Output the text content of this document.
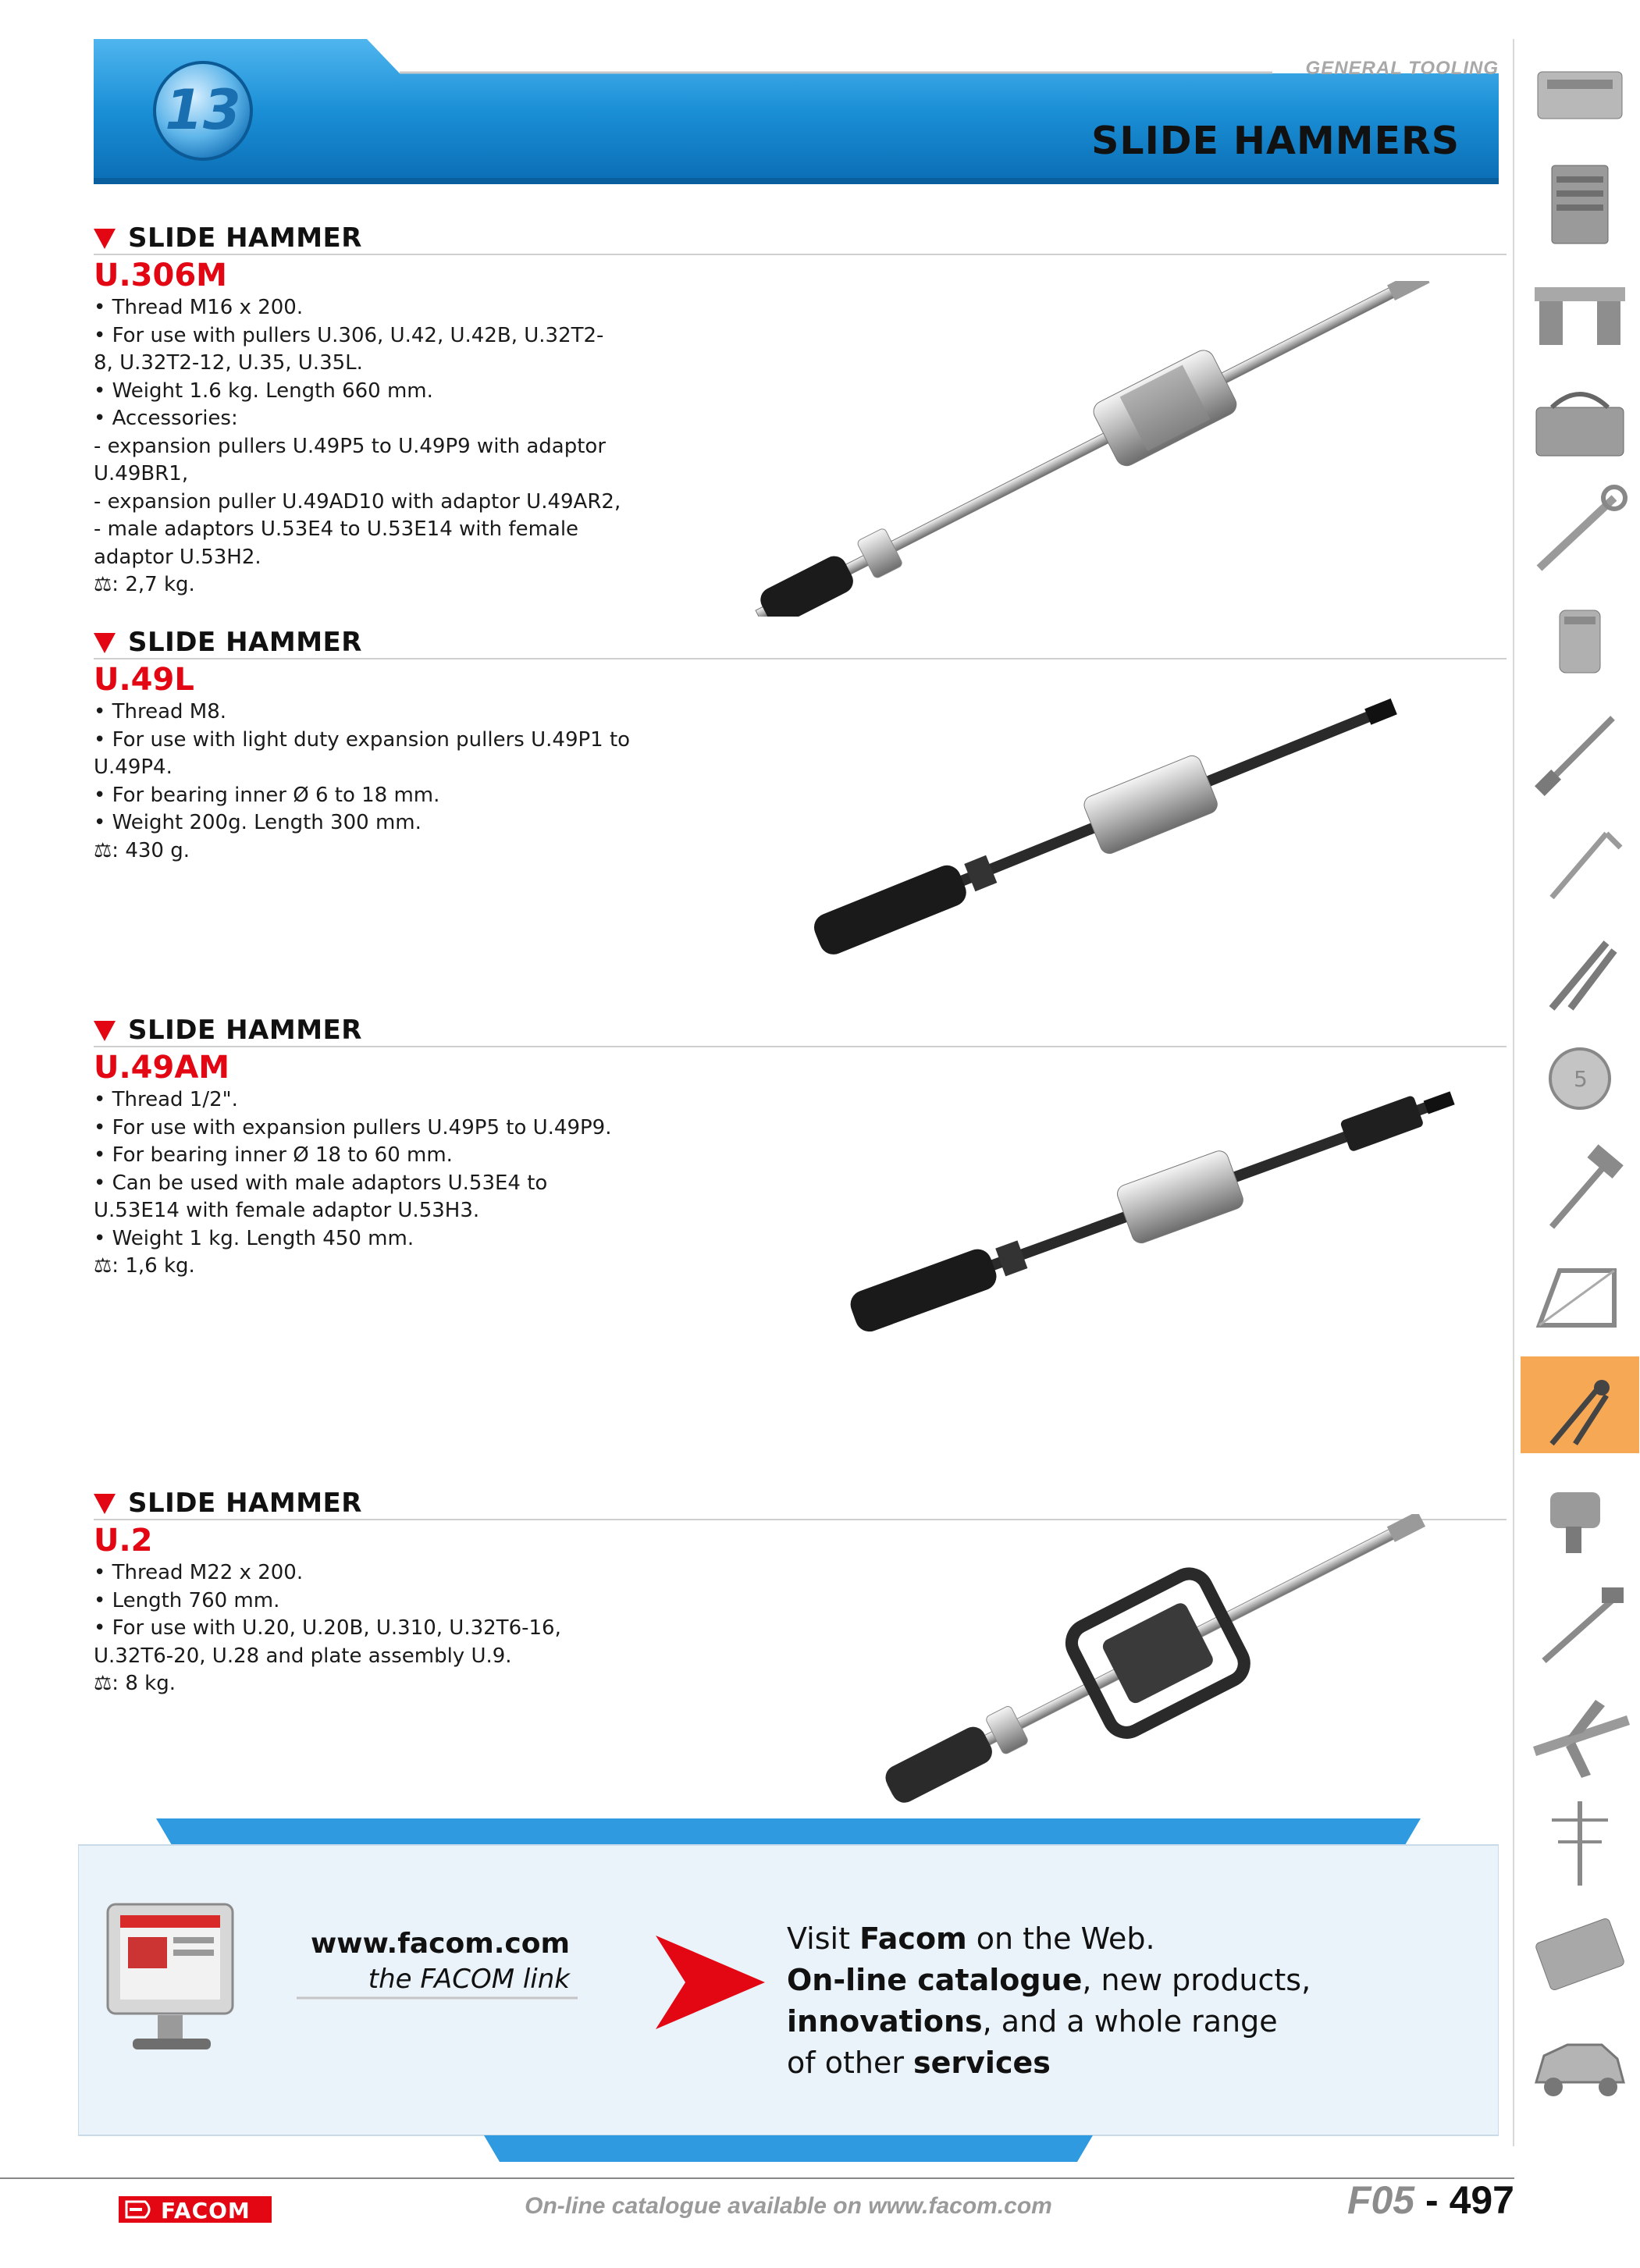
13
GENERAL TOOLING
SLIDE HAMMERS
SLIDE HAMMER
U.306M
• Thread M16 x 200.
• For use with pullers U.306, U.42, U.42B, U.32T2-
8, U.32T2-12, U.35, U.35L.
• Weight 1.6 kg. Length 660 mm.
• Accessories:
- expansion pullers U.49P5 to U.49P9 with adaptor
U.49BR1,
- expansion puller U.49AD10 with adaptor U.49AR2,
- male adaptors U.53E4 to U.53E14 with female
adaptor U.53H2.
⚖: 2,7 kg.
SLIDE HAMMER
U.49L
• Thread M8.
• For use with light duty expansion pullers U.49P1 to
U.49P4.
• For bearing inner Ø 6 to 18 mm.
• Weight 200g. Length 300 mm.
⚖: 430 g.
SLIDE HAMMER
U.49AM
• Thread 1/2".
• For use with expansion pullers U.49P5 to U.49P9.
• For bearing inner Ø 18 to 60 mm.
• Can be used with male adaptors U.53E4 to
U.53E14 with female adaptor U.53H3.
• Weight 1 kg. Length 450 mm.
⚖: 1,6 kg.
SLIDE HAMMER
U.2
• Thread M22 x 200.
• Length 760 mm.
• For use with U.20, U.20B, U.310, U.32T6-16,
U.32T6-20, U.28 and plate assembly U.9.
⚖: 8 kg.
www.facom.com
the FACOM link
Visit Facom on the Web.
On-line catalogue, new products,
innovations, and a whole range
of other services
FACOM	On-line catalogue available on www.facom.com	F05 - 497
5
